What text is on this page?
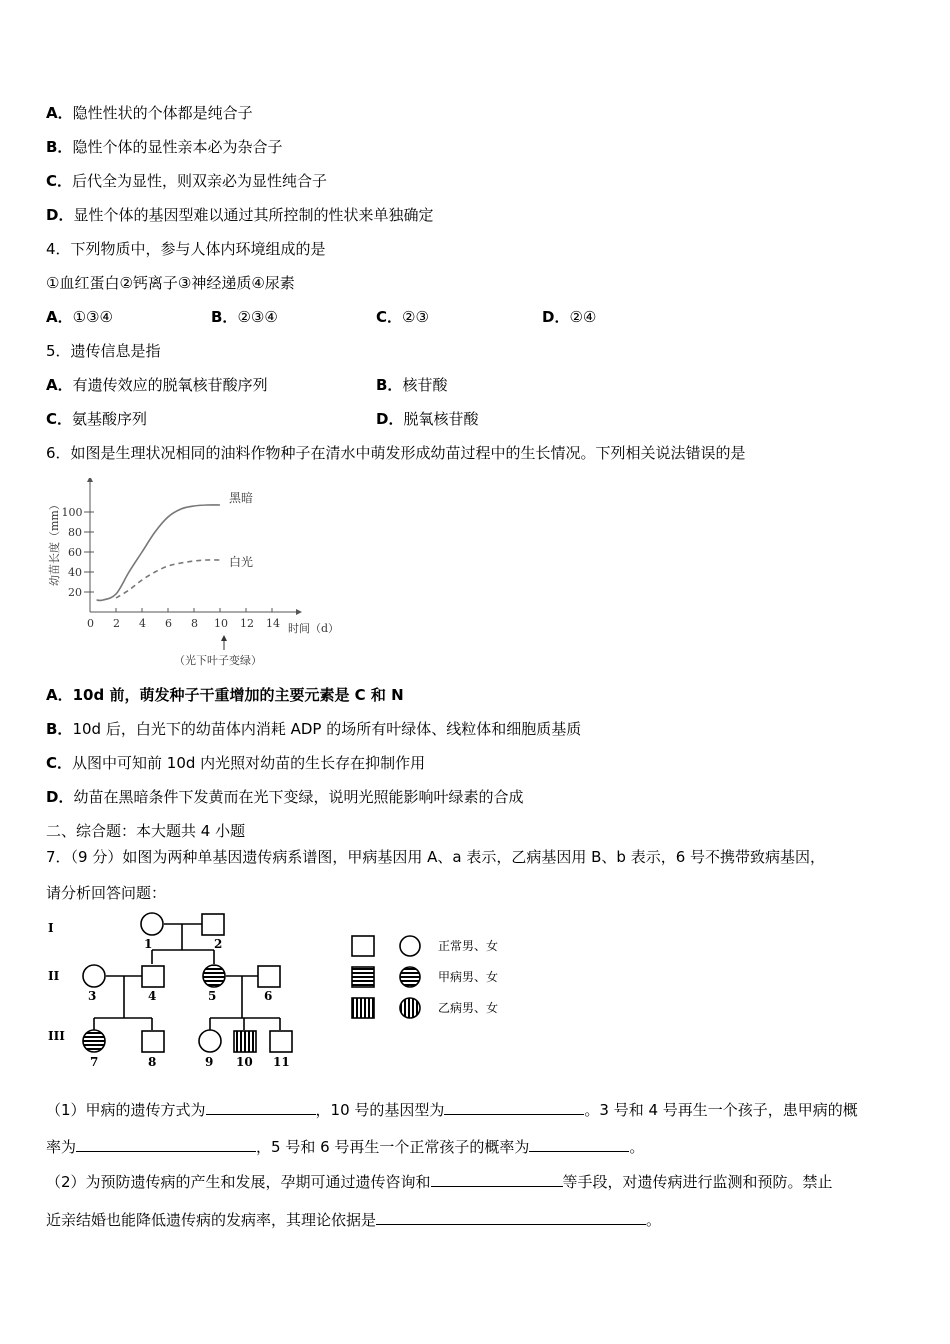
A．隐性性状的个体都是纯合子
B．隐性个体的显性亲本必为杂合子
C．后代全为显性，则双亲必为显性纯合子
D．显性个体的基因型难以通过其所控制的性状来单独确定
4．下列物质中，参与人体内环境组成的是
①血红蛋白②钙离子③神经递质④尿素
A．①③④	B．②③④	C．②③	D．②④
5．遗传信息是指
A．有遗传效应的脱氧核苷酸序列	B．核苷酸
C．氨基酸序列	D．脱氧核苷酸
6．如图是生理状况相同的油料作物种子在清水中萌发形成幼苗过程中的生长情况。下列相关说法错误的是
0 2 4 6 8 10 12 14
20
40
60
80
100
黑暗
白光
时间（d）
幼苗长度（mm）
（光下叶子变绿）
A．10d 前，萌发种子干重增加的主要元素是 C 和 N
B．10d 后，白光下的幼苗体内消耗 ADP 的场所有叶绿体、线粒体和细胞质基质
C．从图中可知前 10d 内光照对幼苗的生长存在抑制作用
D．幼苗在黑暗条件下发黄而在光下变绿，说明光照能影响叶绿素的合成
二、综合题：本大题共 4 小题
7．（9 分）如图为两种单基因遗传病系谱图，甲病基因用 A、a 表示，乙病基因用 B、b 表示，6 号不携带致病基因，
请分析回答问题：
I
II
III
1	2
3	4	5	6
7	8	9 10 11
正常男、女
甲病男、女
乙病男、女
（1）甲病的遗传方式为	，10 号的基因型为	。3 号和 4 号再生一个孩子，患甲病的概
率为	，5 号和 6 号再生一个正常孩子的概率为	。
（2）为预防遗传病的产生和发展，孕期可通过遗传咨询和	等手段，对遗传病进行监测和预防。禁止
近亲结婚也能降低遗传病的发病率，其理论依据是	。
